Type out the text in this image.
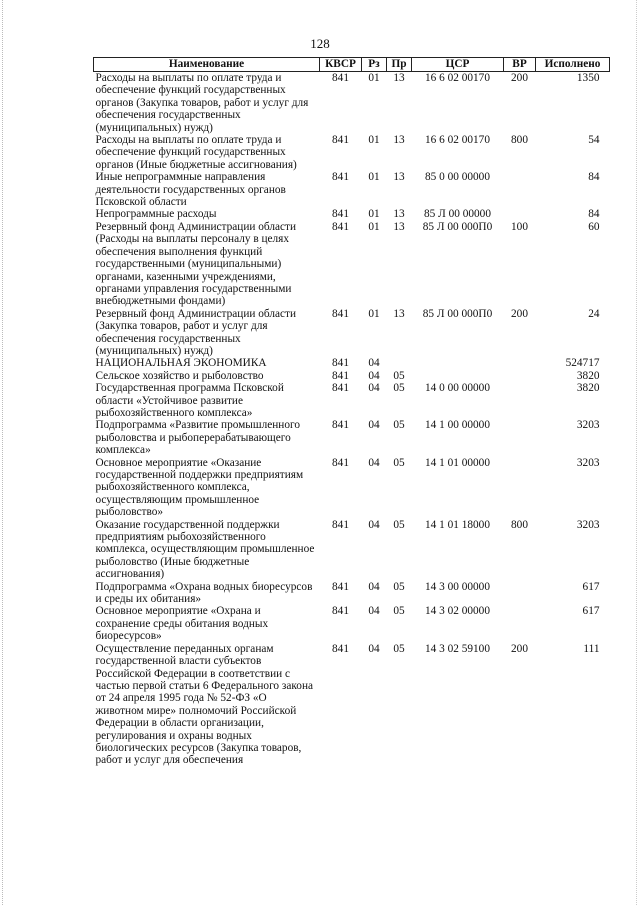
128
Наименование	КВСР	Рз	Пр	ЦСР	ВР	Исполнено
Расходы на выплаты по оплате труда и обеспечение функций государственных органов (Закупка товаров, работ и услуг для обеспечения государственных (муниципальных) нужд)	841	01	13	16 6 02 00170	200	1350
Расходы на выплаты по оплате труда и обеспечение функций государственных органов (Иные бюджетные ассигнования)	841	01	13	16 6 02 00170	800	54
Иные непрограммные направления деятельности государственных органов Псковской области	841	01	13	85 0 00 00000		84
Непрограммные расходы	841	01	13	85 Л 00 00000		84
Резервный фонд Администрации области (Расходы на выплаты персоналу в целях обеспечения выполнения функций государственными (муниципальными) органами, казенными учреждениями, органами управления государственными внебюджетными фондами)	841	01	13	85 Л 00 000П0	100	60
Резервный фонд Администрации области (Закупка товаров, работ и услуг для обеспечения государственных (муниципальных) нужд)	841	01	13	85 Л 00 000П0	200	24
НАЦИОНАЛЬНАЯ ЭКОНОМИКА	841	04				524717
Сельское хозяйство и рыболовство	841	04	05			3820
Государственная программа Псковской области «Устойчивое развитие рыбохозяйственного комплекса»	841	04	05	14 0 00 00000		3820
Подпрограмма «Развитие промышленного рыболовства и рыбоперерабатывающего комплекса»	841	04	05	14 1 00 00000		3203
Основное мероприятие «Оказание государственной поддержки предприятиям рыбохозяйственного комплекса, осуществляющим промышленное рыболовство»	841	04	05	14 1 01 00000		3203
Оказание государственной поддержки предприятиям рыбохозяйственного комплекса, осуществляющим промышленное рыболовство (Иные бюджетные ассигнования)	841	04	05	14 1 01 18000	800	3203
Подпрограмма «Охрана водных биоресурсов и среды их обитания»	841	04	05	14 3 00 00000		617
Основное мероприятие «Охрана и сохранение среды обитания водных биоресурсов»	841	04	05	14 3 02 00000		617
Осуществление переданных органам государственной власти субъектов Российской Федерации в соответствии с частью первой статьи 6 Федерального закона от 24 апреля 1995 года № 52-ФЗ «О животном мире» полномочий Российской Федерации в области организации, регулирования и охраны водных биологических ресурсов (Закупка товаров, работ и услуг для обеспечения	841	04	05	14 3 02 59100	200	111
